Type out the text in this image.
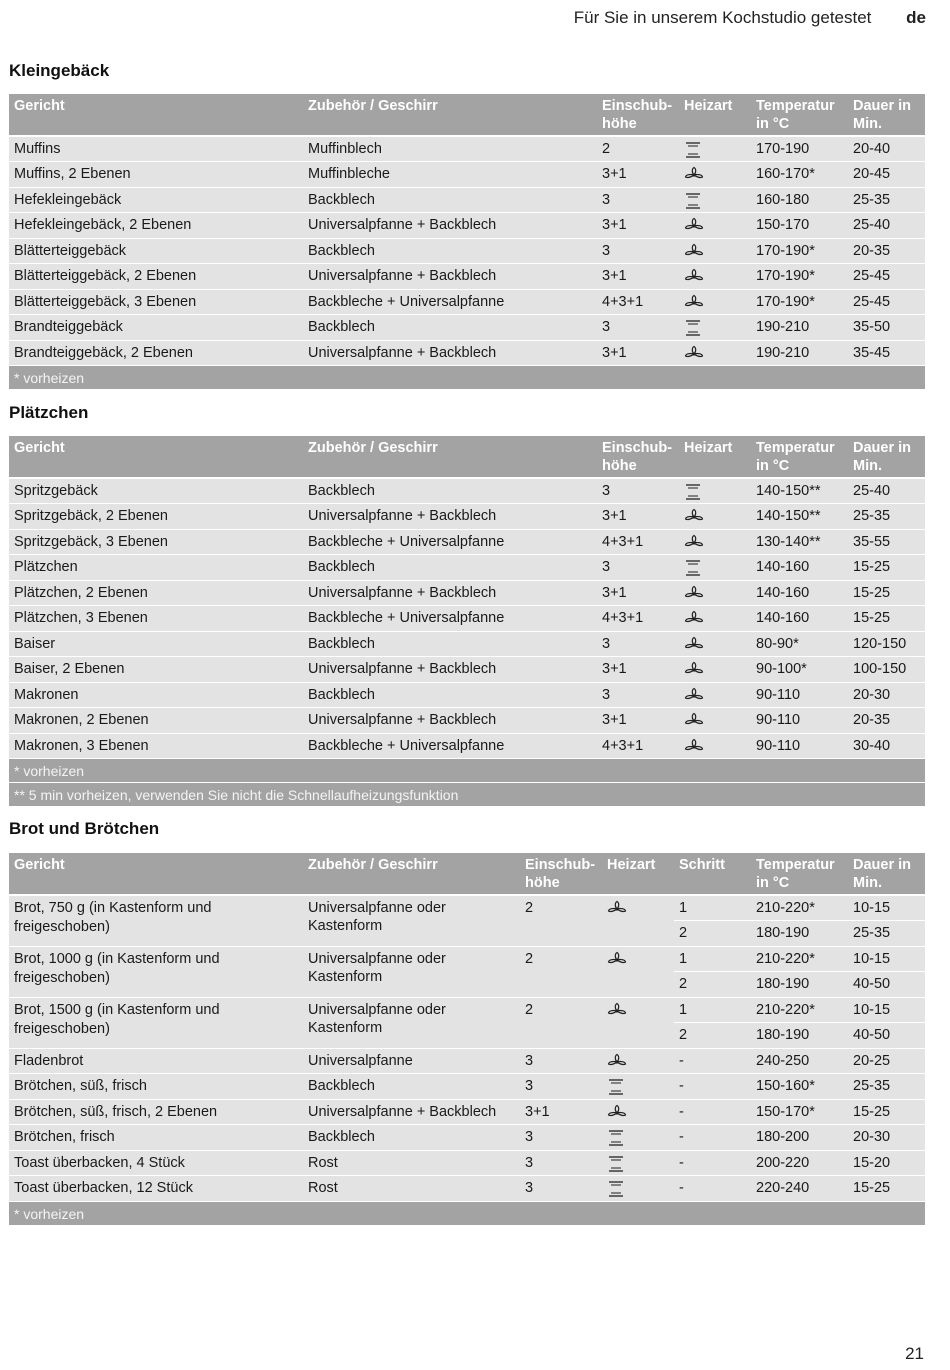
Für Sie in unserem Kochstudio getestet de
Kleingebäck
Gericht	Zubehör / Geschirr	Einschub-höhe	Heizart	Temperatur in °C	Dauer in Min.
Muffins	Muffinblech	2		170-190	20-40
Muffins, 2 Ebenen	Muffinbleche	3+1		160-170*	20-45
Hefekleingebäck	Backblech	3		160-180	25-35
Hefekleingebäck, 2 Ebenen	Universalpfanne + Backblech	3+1		150-170	25-40
Blätterteiggebäck	Backblech	3		170-190*	20-35
Blätterteiggebäck, 2 Ebenen	Universalpfanne + Backblech	3+1		170-190*	25-45
Blätterteiggebäck, 3 Ebenen	Backbleche + Universalpfanne	4+3+1		170-190*	25-45
Brandteiggebäck	Backblech	3		190-210	35-50
Brandteiggebäck, 2 Ebenen	Universalpfanne + Backblech	3+1		190-210	35-45
* vorheizen					
Plätzchen
Gericht	Zubehör / Geschirr	Einschub-höhe	Heizart	Temperatur in °C	Dauer in Min.
Spritzgebäck	Backblech	3		140-150**	25-40
Spritzgebäck, 2 Ebenen	Universalpfanne + Backblech	3+1		140-150**	25-35
Spritzgebäck, 3 Ebenen	Backbleche + Universalpfanne	4+3+1		130-140**	35-55
Plätzchen	Backblech	3		140-160	15-25
Plätzchen, 2 Ebenen	Universalpfanne + Backblech	3+1		140-160	15-25
Plätzchen, 3 Ebenen	Backbleche + Universalpfanne	4+3+1		140-160	15-25
Baiser	Backblech	3		80-90*	120-150
Baiser, 2 Ebenen	Universalpfanne + Backblech	3+1		90-100*	100-150
Makronen	Backblech	3		90-110	20-30
Makronen, 2 Ebenen	Universalpfanne + Backblech	3+1		90-110	20-35
Makronen, 3 Ebenen	Backbleche + Universalpfanne	4+3+1		90-110	30-40
* vorheizen					
** 5 min vorheizen, verwenden Sie nicht die Schnellaufheizungsfunktion					
Brot und Brötchen
Gericht	Zubehör / Geschirr	Einschub-höhe	Heizart	Schritt	Temperatur in °C	Dauer in Min.
Brot, 750 g (in Kastenform und freigeschoben)	Universalpfanne oder Kastenform	2		1	210-220*	10-15
				2	180-190	25-35
Brot, 1000 g (in Kastenform und freigeschoben)	Universalpfanne oder Kastenform	2		1	210-220*	10-15
				2	180-190	40-50
Brot, 1500 g (in Kastenform und freigeschoben)	Universalpfanne oder Kastenform	2		1	210-220*	10-15
				2	180-190	40-50
Fladenbrot	Universalpfanne	3		-	240-250	20-25
Brötchen, süß, frisch	Backblech	3		-	150-160*	25-35
Brötchen, süß, frisch, 2 Ebenen	Universalpfanne + Backblech	3+1		-	150-170*	15-25
Brötchen, frisch	Backblech	3		-	180-200	20-30
Toast überbacken, 4 Stück	Rost	3		-	200-220	15-20
Toast überbacken, 12 Stück	Rost	3		-	220-240	15-25
* vorheizen						
21
